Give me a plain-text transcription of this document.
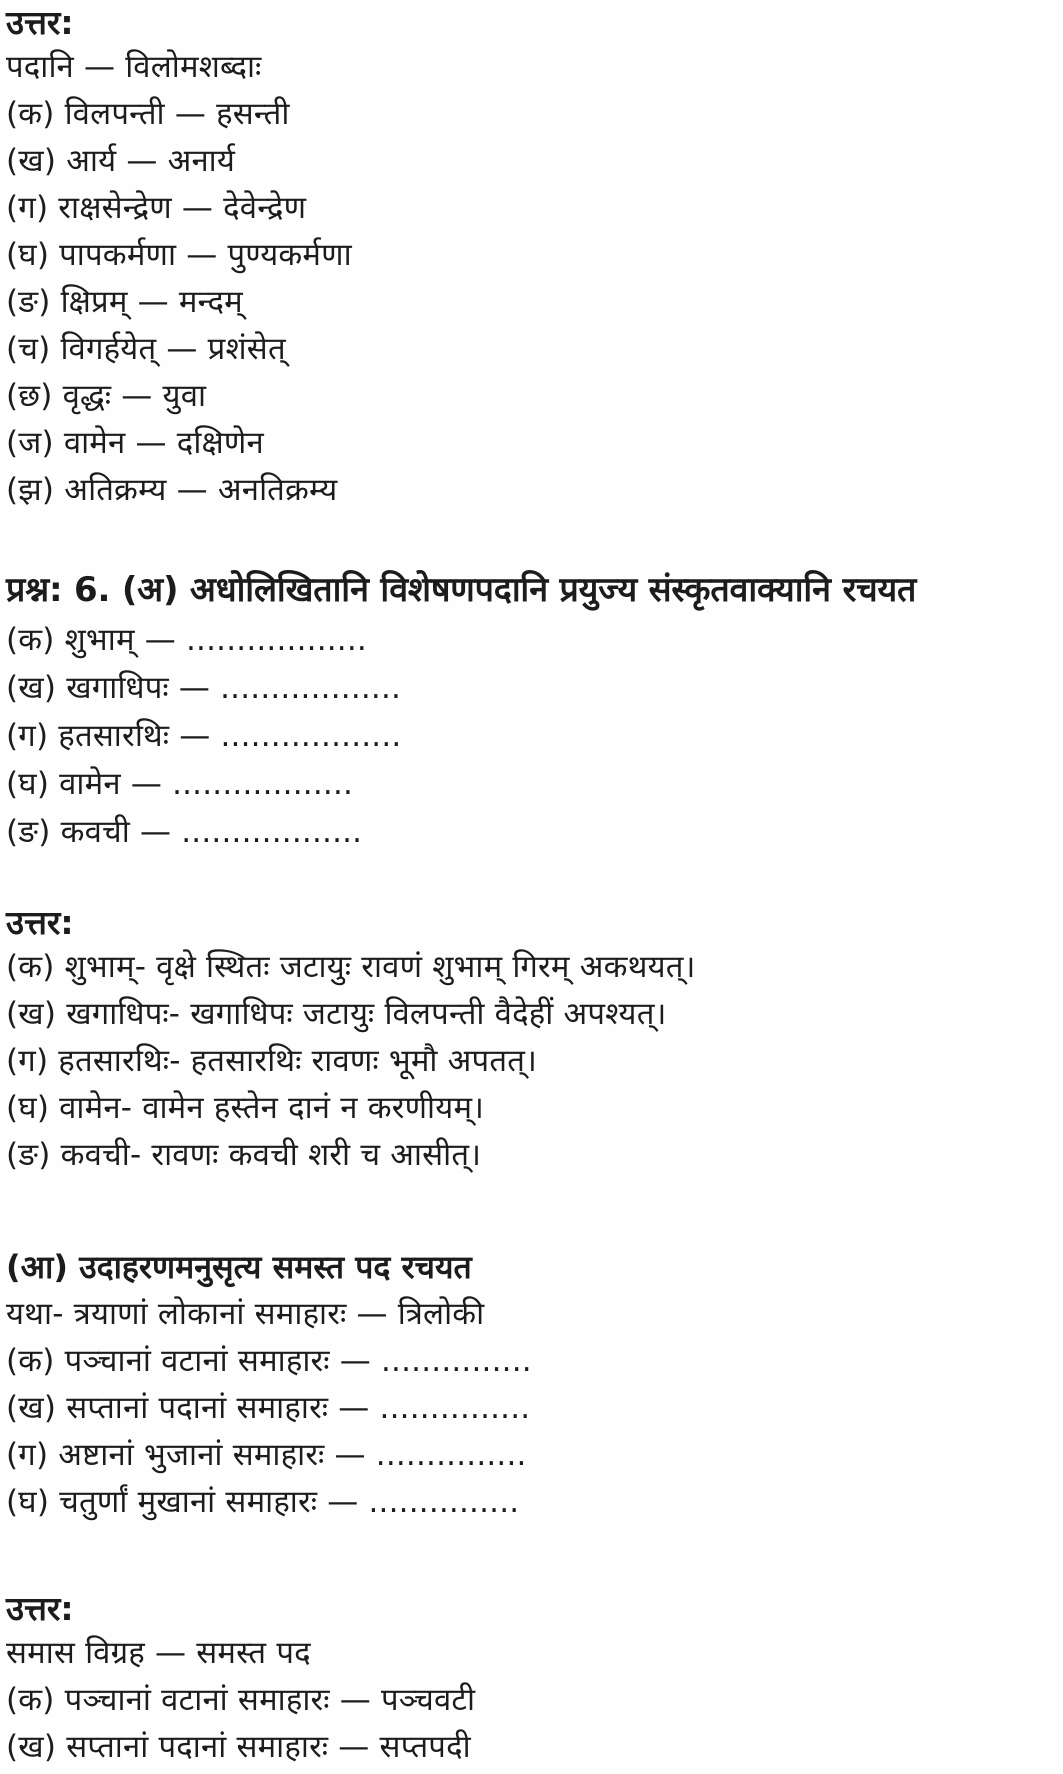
उत्तर:
पदानि — विलोमशब्दाः
(क) विलपन्ती — हसन्ती
(ख) आर्य — अनार्य
(ग) राक्षसेन्द्रेण — देवेन्द्रेण
(घ) पापकर्मणा — पुण्यकर्मणा
(ङ) क्षिप्रम् — मन्दम्
(च) विगर्हयेत् — प्रशंसेत्
(छ) वृद्धः — युवा
(ज) वामेन — दक्षिणेन
(झ) अतिक्रम्य — अनतिक्रम्य
प्रश्न: 6. (अ) अधोलिखितानि विशेषणपदानि प्रयुज्य संस्कृतवाक्यानि रचयत
(क) शुभाम् — ..................
(ख) खगाधिपः — ..................
(ग) हतसारथिः — ..................
(घ) वामेन — ..................
(ङ) कवची — ..................
उत्तर:
(क) शुभाम्- वृक्षे स्थितः जटायुः रावणं शुभाम् गिरम् अकथयत्।
(ख) खगाधिपः- खगाधिपः जटायुः विलपन्ती वैदेहीं अपश्यत्।
(ग) हतसारथिः- हतसारथिः रावणः भूमौ अपतत्।
(घ) वामेन- वामेन हस्तेन दानं न करणीयम्।
(ङ) कवची- रावणः कवची शरी च आसीत्।
(आ) उदाहरणमनुसृत्य समस्त पद रचयत
यथा- त्रयाणां लोकानां समाहारः — त्रिलोकी
(क) पञ्चानां वटानां समाहारः — ...............
(ख) सप्तानां पदानां समाहारः — ...............
(ग) अष्टानां भुजानां समाहारः — ...............
(घ) चतुर्णां मुखानां समाहारः — ...............
उत्तर:
समास विग्रह — समस्त पद
(क) पञ्चानां वटानां समाहारः — पञ्चवटी
(ख) सप्तानां पदानां समाहारः — सप्तपदी
